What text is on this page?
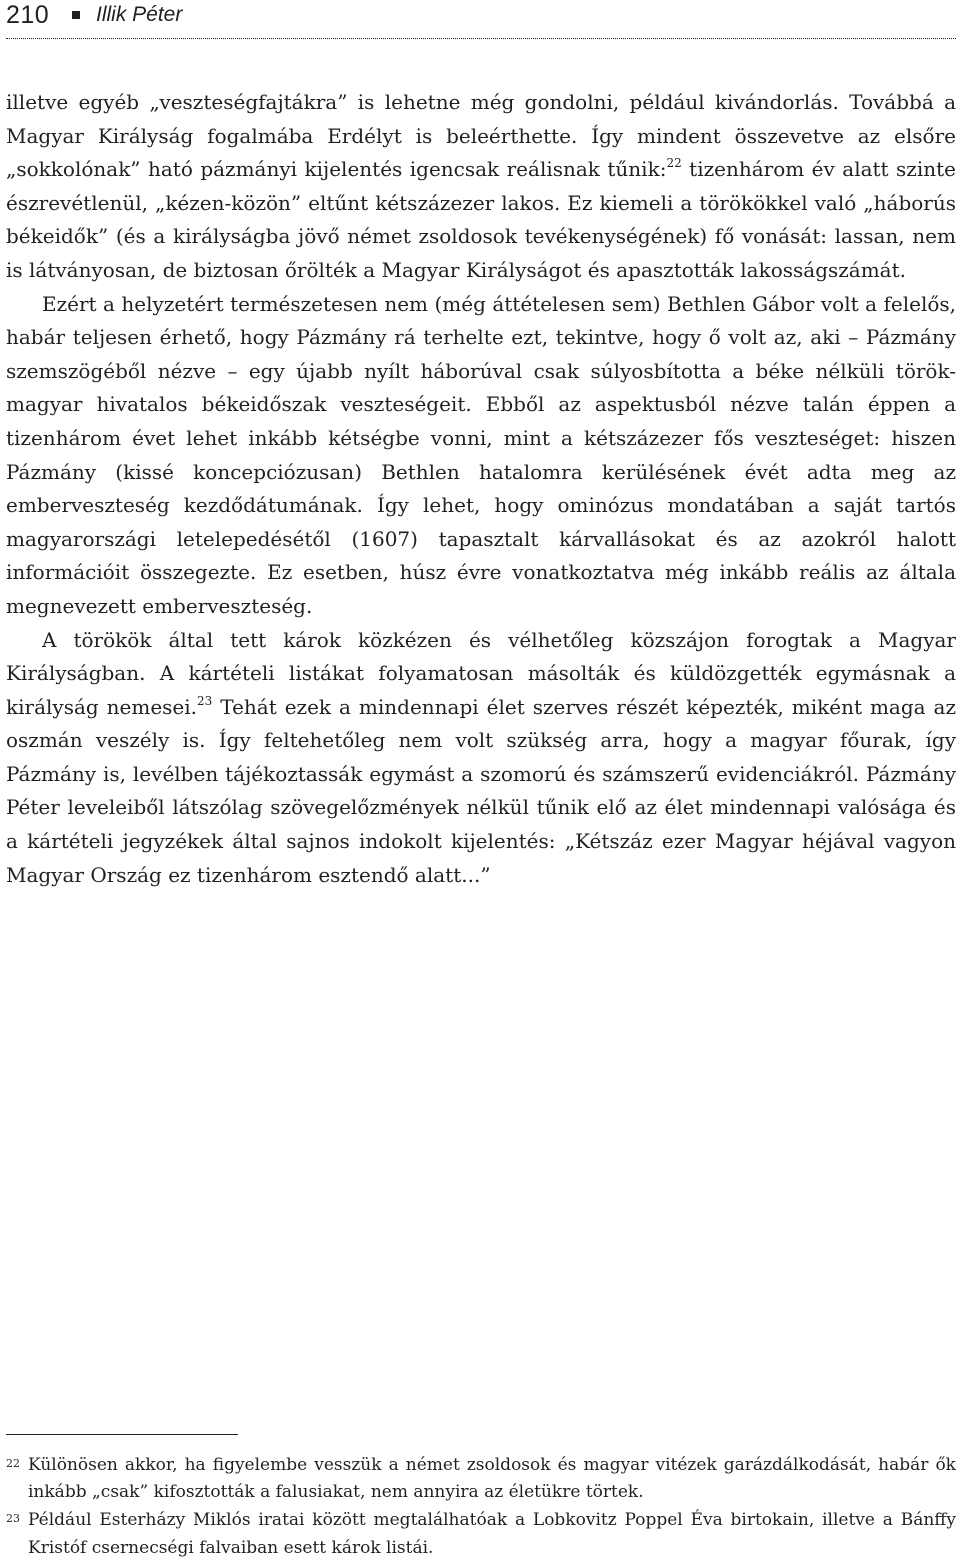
210 Illik Péter

illetve egyéb „veszteségfajtákra” is lehetne még gondolni, például kivándorlás. Továbbá a Magyar Királyság fogalmába Erdélyt is beleérthette. Így mindent összevetve az elsőre „sokkolónak” ható pázmányi kijelentés igencsak reálisnak tűnik:$^{22}$ tizenhárom év alatt szinte észrevétlenül, „kézen-közön” eltűnt kétszázezer lakos. Ez kiemeli a törökökkel való „háborús békeidők” (és a királyságba jövő német zsoldosok tevékenységének) fő vonását: lassan, nem is látványosan, de biztosan őrölték a Magyar Királyságot és apasztották lakosságszámát.

Ezért a helyzetért természetesen nem (még áttételesen sem) Bethlen Gábor volt a felelős, habár teljesen érhető, hogy Pázmány rá terhelte ezt, tekintve, hogy ő volt az, aki – Pázmány szemszögéből nézve – egy újabb nyílt háborúval csak súlyosbította a béke nélküli török-magyar hivatalos békeidőszak veszteségeit. Ebből az aspektusból nézve talán éppen a tizenhárom évet lehet inkább kétségbe vonni, mint a kétszázezer fős veszteséget: hiszen Pázmány (kissé koncepciózusan) Bethlen hatalomra kerülésének évét adta meg az emberveszteség kezdődátumának. Így lehet, hogy ominózus mondatában a saját tartós magyarországi letelepedésétől (1607) tapasztalt kárvallásokat és az azokról halott információit összegezte. Ez esetben, húsz évre vonatkoztatva még inkább reális az általa megnevezett emberveszteség.

A törökök által tett károk közkézen és vélhetőleg közszájon forogtak a Magyar Királyságban. A kártételi listákat folyamatosan másolták és küldözgették egymásnak a királyság nemesei.$^{23}$ Tehát ezek a mindennapi élet szerves részét képezték, miként maga az oszmán veszély is. Így feltehetőleg nem volt szükség arra, hogy a magyar főurak, így Pázmány is, levélben tájékoztassák egymást a szomorú és számszerű evidenciákról. Pázmány Péter leveleiből látszólag szövegelőzmények nélkül tűnik elő az élet mindennapi valósága és a kártételi jegyzékek által sajnos indokolt kijelentés: „Kétszáz ezer Magyar héjával vagyon Magyar Ország ez tizenhárom esztendő alatt...”

22 Különösen akkor, ha figyelembe vesszük a német zsoldosok és magyar vitézek garázdálkodását, habár ők inkább „csak” kifosztották a falusiakat, nem annyira az életükre törtek.
23 Például Esterházy Miklós iratai között megtalálhatóak a Lobkovitz Poppel Éva birtokain, illetve a Bánffy Kristóf csernecségi falvaiban esett károk listái.
